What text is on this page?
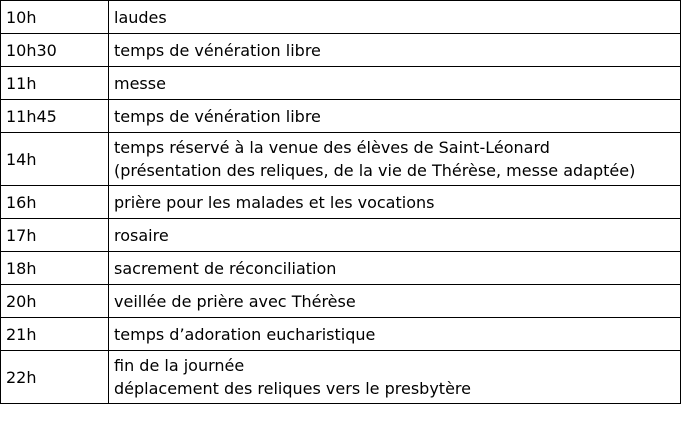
10h	laudes

10h30	temps de vénération libre

11h	messe

11h45	temps de vénération libre

14h	temps réservé à la venue des élèves de Saint-Léonard
(présentation des reliques, de la vie de Thérèse, messe adaptée)

16h	prière pour les malades et les vocations

17h	rosaire

18h	sacrement de réconciliation

20h	veillée de prière avec Thérèse

21h	temps d’adoration eucharistique

22h	fin de la journée
déplacement des reliques vers le presbytère
